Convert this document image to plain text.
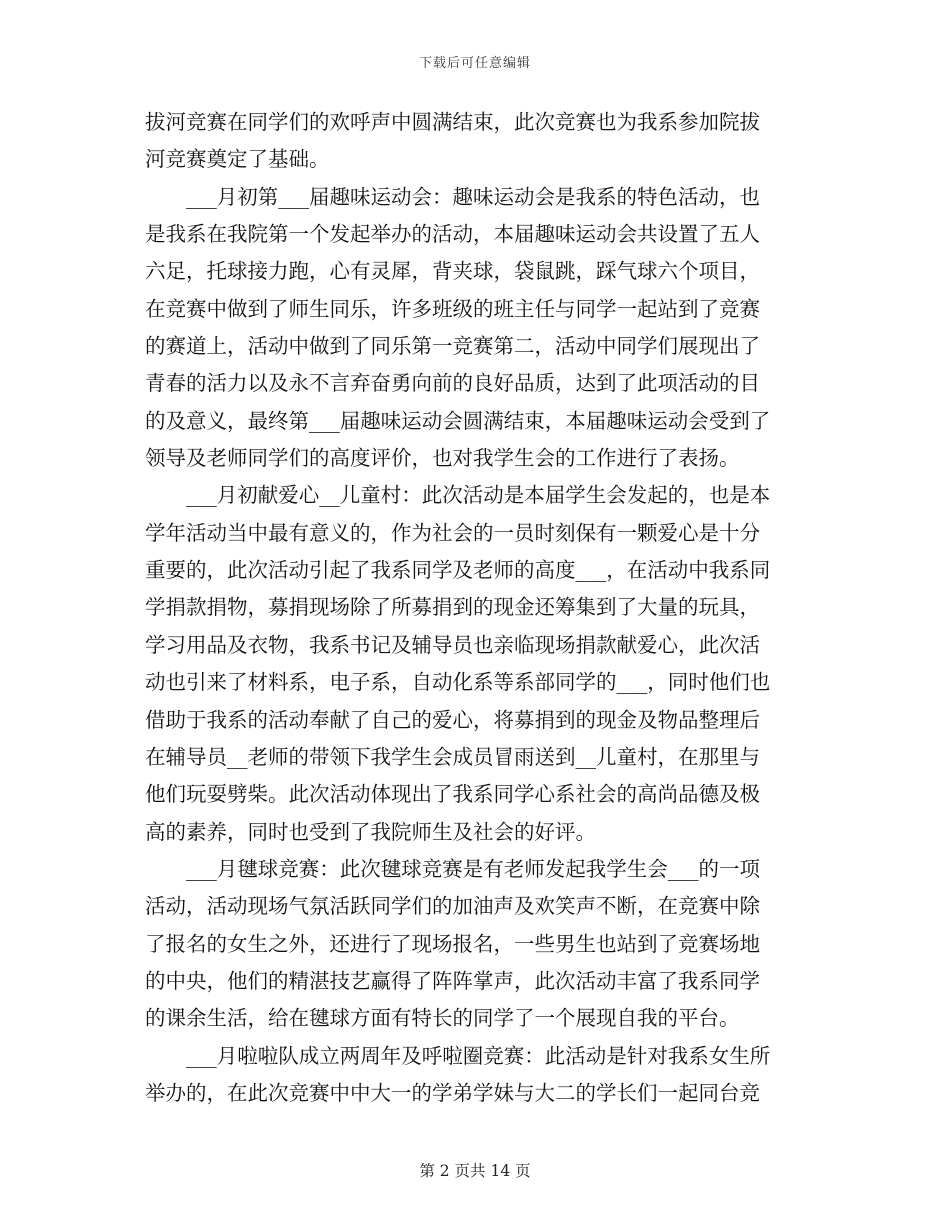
下载后可任意编辑
拔河竞赛在同学们的欢呼声中圆满结束，此次竞赛也为我系参加院拔
河竞赛奠定了基础。
___月初第___届趣味运动会：趣味运动会是我系的特色活动，也
是我系在我院第一个发起举办的活动，本届趣味运动会共设置了五人
六足，托球接力跑，心有灵犀，背夹球，袋鼠跳，踩气球六个项目，
在竞赛中做到了师生同乐，许多班级的班主任与同学一起站到了竞赛
的赛道上，活动中做到了同乐第一竞赛第二，活动中同学们展现出了
青春的活力以及永不言弃奋勇向前的良好品质，达到了此项活动的目
的及意义，最终第___届趣味运动会圆满结束，本届趣味运动会受到了
领导及老师同学们的高度评价，也对我学生会的工作进行了表扬。
___月初献爱心__儿童村：此次活动是本届学生会发起的，也是本
学年活动当中最有意义的，作为社会的一员时刻保有一颗爱心是十分
重要的，此次活动引起了我系同学及老师的高度___，在活动中我系同
学捐款捐物，募捐现场除了所募捐到的现金还筹集到了大量的玩具，
学习用品及衣物，我系书记及辅导员也亲临现场捐款献爱心，此次活
动也引来了材料系，电子系，自动化系等系部同学的___，同时他们也
借助于我系的活动奉献了自己的爱心，将募捐到的现金及物品整理后
在辅导员__老师的带领下我学生会成员冒雨送到__儿童村，在那里与
他们玩耍劈柴。此次活动体现出了我系同学心系社会的高尚品德及极
高的素养，同时也受到了我院师生及社会的好评。
___月毽球竞赛：此次毽球竞赛是有老师发起我学生会___的一项
活动，活动现场气氛活跃同学们的加油声及欢笑声不断，在竞赛中除
了报名的女生之外，还进行了现场报名，一些男生也站到了竞赛场地
的中央，他们的精湛技艺赢得了阵阵掌声，此次活动丰富了我系同学
的课余生活，给在毽球方面有特长的同学了一个展现自我的平台。
___月啦啦队成立两周年及呼啦圈竞赛：此活动是针对我系女生所
举办的，在此次竞赛中中大一的学弟学妹与大二的学长们一起同台竞
第 2 页共 14 页
